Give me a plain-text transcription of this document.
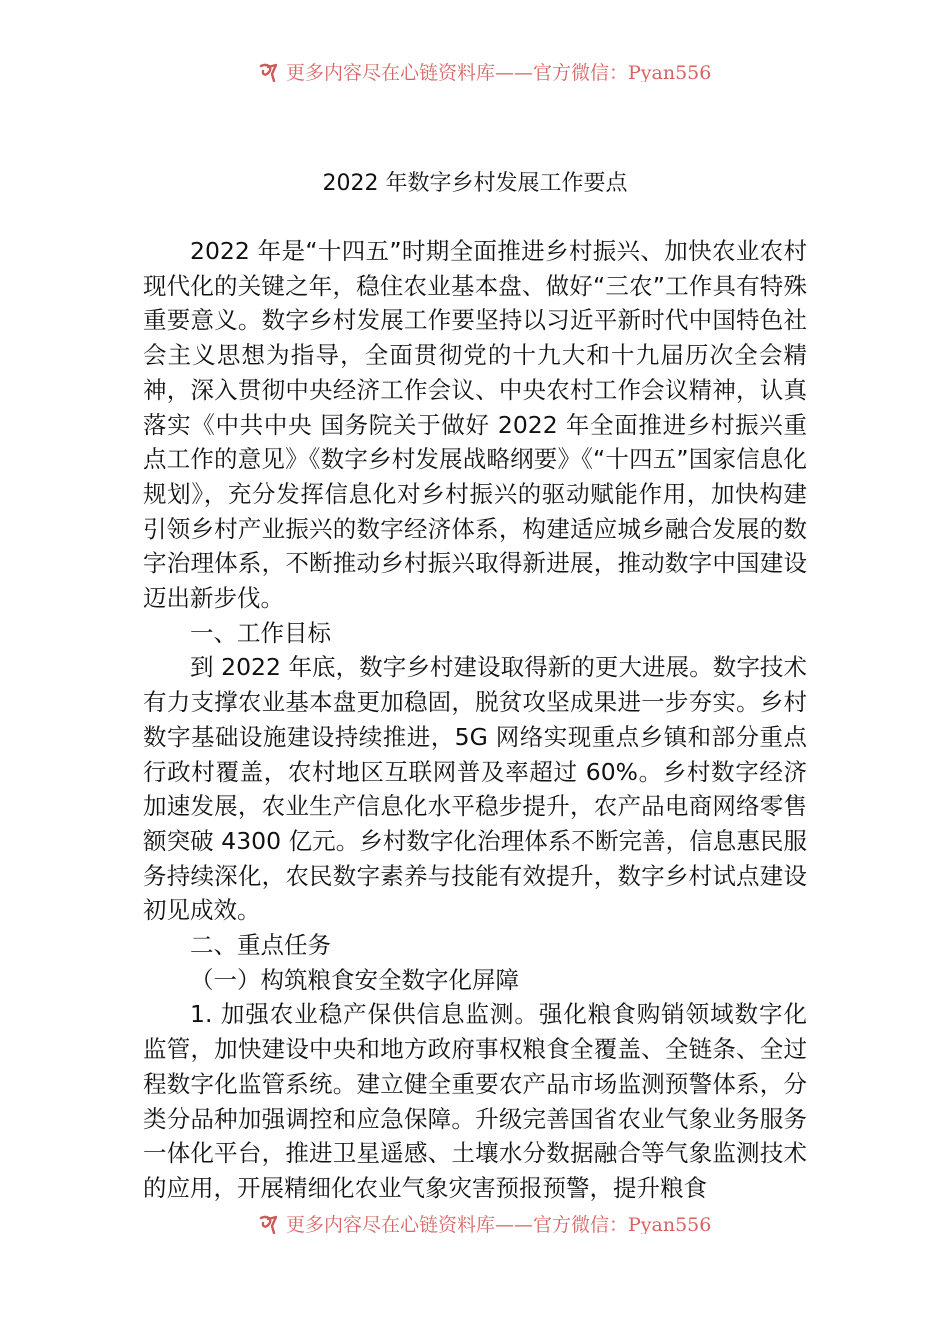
更多内容尽在心链资料库——官方微信：Pyan556
2022 年数字乡村发展工作要点

2022 年是“十四五”时期全面推进乡村振兴、加快农业农村现代化的关键之年，稳住农业基本盘、做好“三农”工作具有特殊重要意义。数字乡村发展工作要坚持以习近平新时代中国特色社会主义思想为指导，全面贯彻党的十九大和十九届历次全会精神，深入贯彻中央经济工作会议、中央农村工作会议精神，认真落实《中共中央 国务院关于做好 2022 年全面推进乡村振兴重点工作的意见》《数字乡村发展战略纲要》《“十四五”国家信息化规划》，充分发挥信息化对乡村振兴的驱动赋能作用，加快构建引领乡村产业振兴的数字经济体系，构建适应城乡融合发展的数字治理体系，不断推动乡村振兴取得新进展，推动数字中国建设迈出新步伐。

一、工作目标

到 2022 年底，数字乡村建设取得新的更大进展。数字技术有力支撑农业基本盘更加稳固，脱贫攻坚成果进一步夯实。乡村数字基础设施建设持续推进，5G 网络实现重点乡镇和部分重点行政村覆盖，农村地区互联网普及率超过 60%。乡村数字经济加速发展，农业生产信息化水平稳步提升，农产品电商网络零售额突破 4300 亿元。乡村数字化治理体系不断完善，信息惠民服务持续深化，农民数字素养与技能有效提升，数字乡村试点建设初见成效。

二、重点任务

（一）构筑粮食安全数字化屏障

1. 加强农业稳产保供信息监测。强化粮食购销领域数字化监管，加快建设中央和地方政府事权粮食全覆盖、全链条、全过程数字化监管系统。建立健全重要农产品市场监测预警体系，分类分品种加强调控和应急保障。升级完善国省农业气象业务服务一体化平台，推进卫星遥感、土壤水分数据融合等气象监测技术的应用，开展精细化农业气象灾害预报预警，提升粮食

更多内容尽在心链资料库——官方微信：Pyan556
